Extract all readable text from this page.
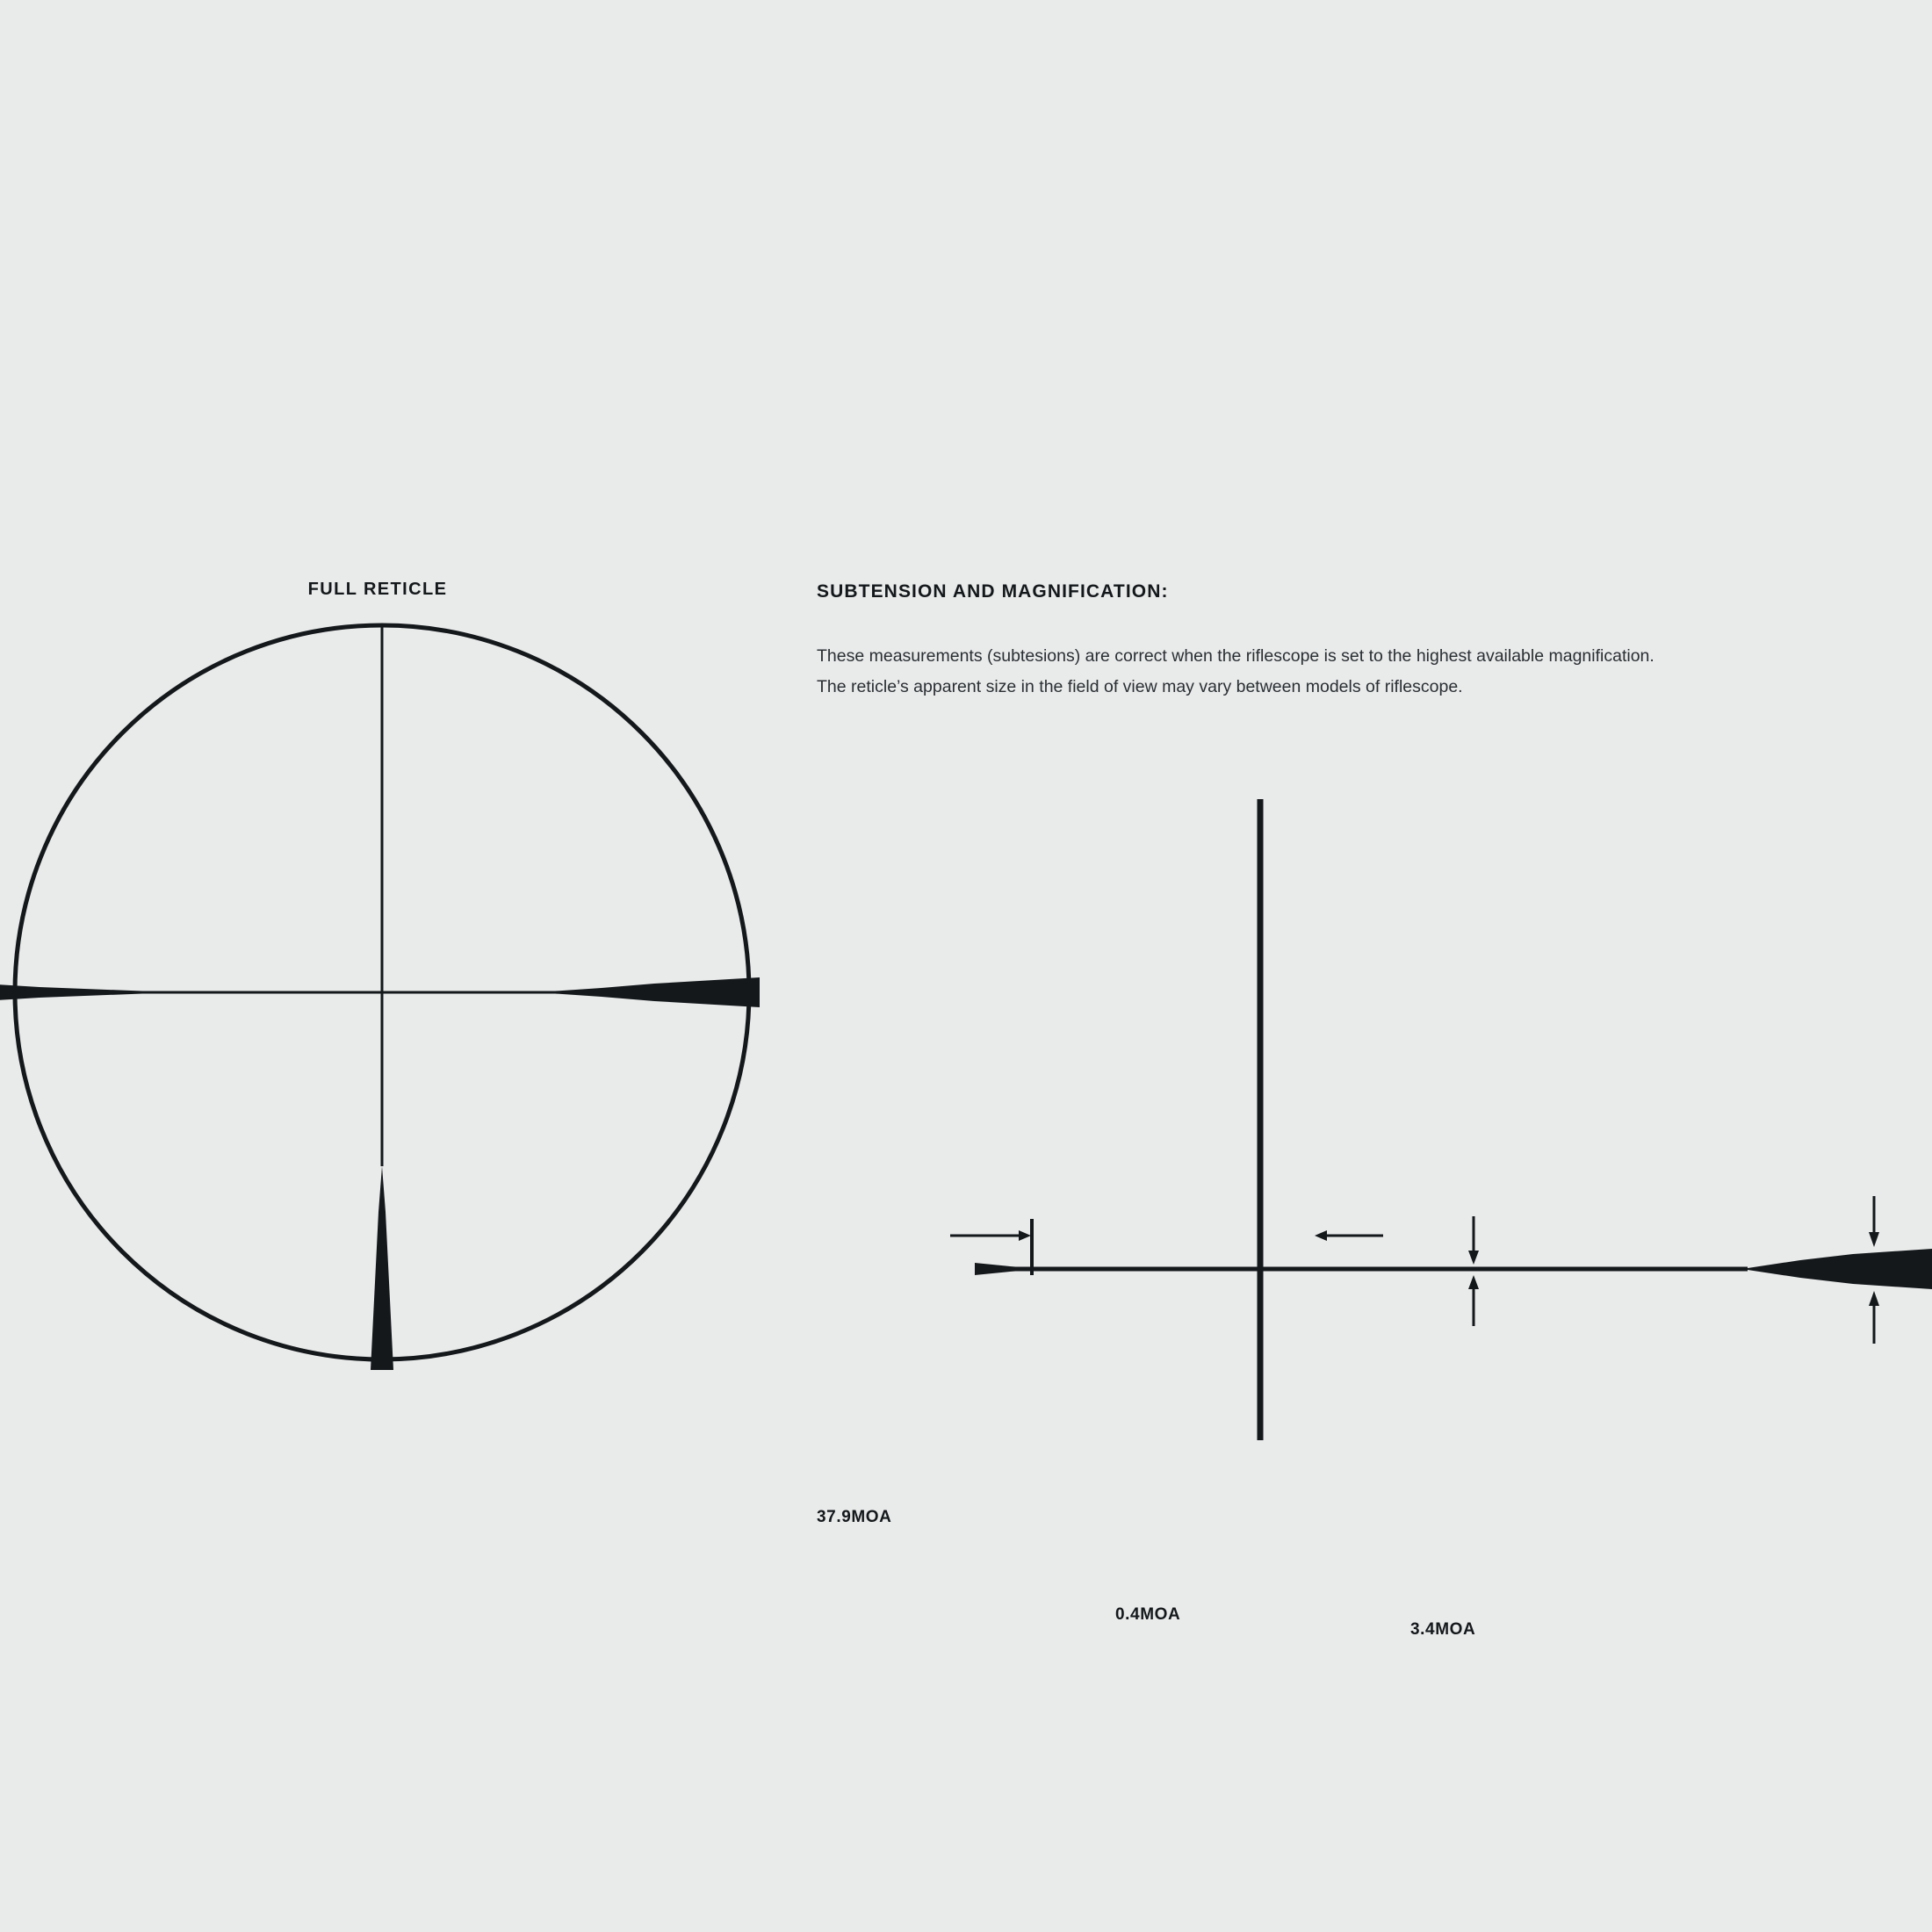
FULL RETICLE	SUBTENSION AND MAGNIFICATION:
These measurements (subtesions) are correct when the riflescope is set to the highest available magnification.
The reticle’s apparent size in the field of view may vary between models of riflescope.
37.9MOA
0.4MOA
3.4MOA
